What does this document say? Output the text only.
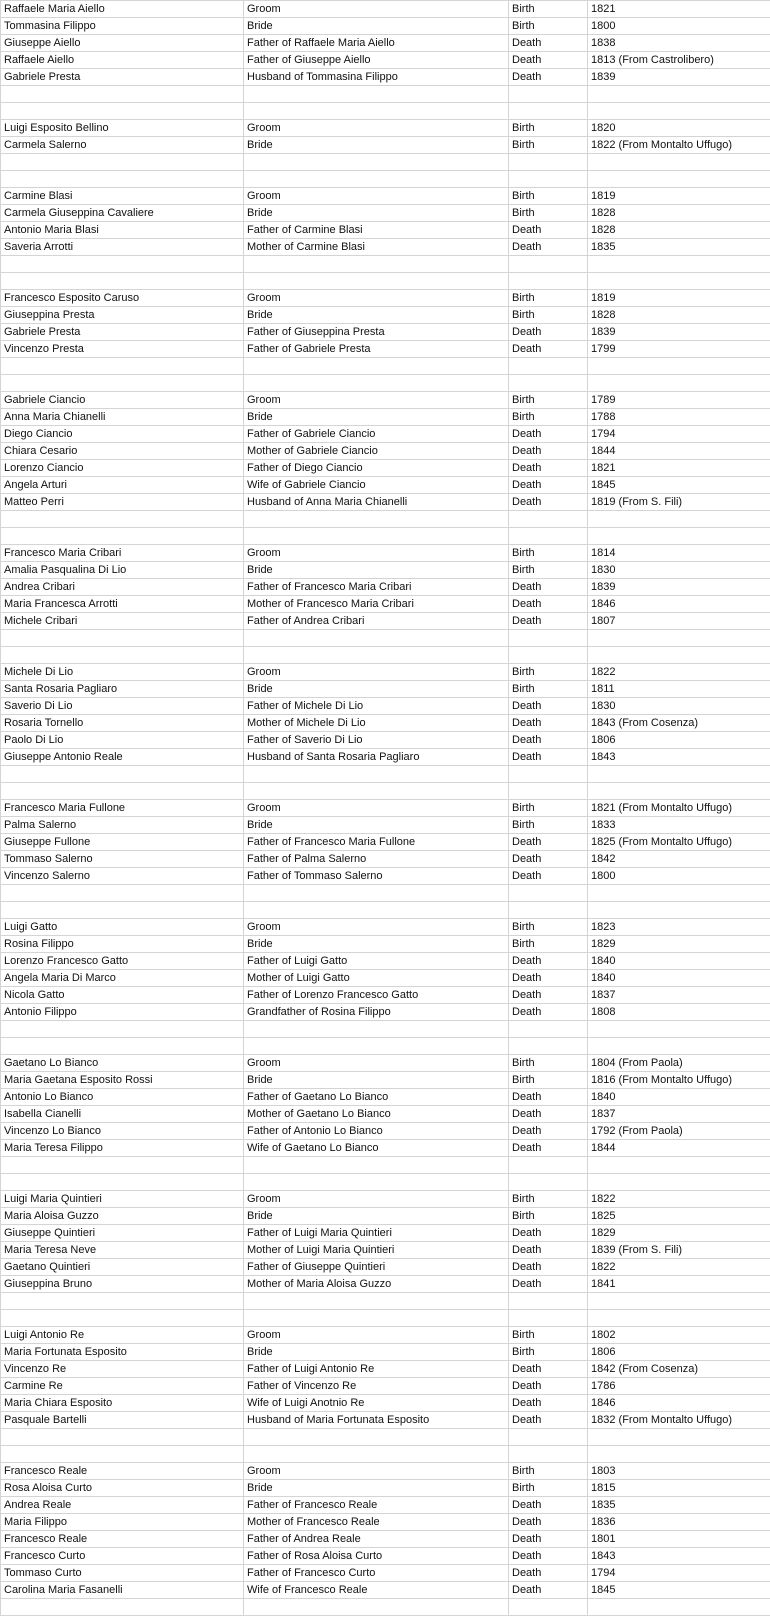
Raffaele Maria Aiello	Groom	Birth	1821
Tommasina Filippo	Bride	Birth	1800
Giuseppe Aiello	Father of Raffaele Maria Aiello	Death	1838
Raffaele Aiello	Father of Giuseppe Aiello	Death	1813 (From Castrolibero)
Gabriele Presta	Husband of Tommasina Filippo	Death	1839

Luigi Esposito Bellino	Groom	Birth	1820
Carmela Salerno	Bride	Birth	1822 (From Montalto Uffugo)

Carmine Blasi	Groom	Birth	1819
Carmela Giuseppina Cavaliere	Bride	Birth	1828
Antonio Maria Blasi	Father of Carmine Blasi	Death	1828
Saveria Arrotti	Mother of Carmine Blasi	Death	1835

Francesco Esposito Caruso	Groom	Birth	1819
Giuseppina Presta	Bride	Birth	1828
Gabriele Presta	Father of Giuseppina Presta	Death	1839
Vincenzo Presta	Father of Gabriele Presta	Death	1799

Gabriele Ciancio	Groom	Birth	1789
Anna Maria Chianelli	Bride	Birth	1788
Diego Ciancio	Father of Gabriele Ciancio	Death	1794
Chiara Cesario	Mother of Gabriele Ciancio	Death	1844
Lorenzo Ciancio	Father of Diego Ciancio	Death	1821
Angela Arturi	Wife of Gabriele Ciancio	Death	1845
Matteo Perri	Husband of Anna Maria Chianelli	Death	1819 (From S. Fili)

Francesco Maria Cribari	Groom	Birth	1814
Amalia Pasqualina Di Lio	Bride	Birth	1830
Andrea Cribari	Father of Francesco Maria Cribari	Death	1839
Maria Francesca Arrotti	Mother of Francesco Maria Cribari	Death	1846
Michele Cribari	Father of Andrea Cribari	Death	1807

Michele Di Lio	Groom	Birth	1822
Santa Rosaria Pagliaro	Bride	Birth	1811
Saverio Di Lio	Father of Michele Di Lio	Death	1830
Rosaria Tornello	Mother of Michele Di Lio	Death	1843 (From Cosenza)
Paolo Di Lio	Father of Saverio Di Lio	Death	1806
Giuseppe Antonio Reale	Husband of Santa Rosaria Pagliaro	Death	1843

Francesco Maria Fullone	Groom	Birth	1821 (From Montalto Uffugo)
Palma Salerno	Bride	Birth	1833
Giuseppe Fullone	Father of Francesco Maria Fullone	Death	1825 (From Montalto Uffugo)
Tommaso Salerno	Father of Palma Salerno	Death	1842
Vincenzo Salerno	Father of Tommaso Salerno	Death	1800

Luigi Gatto	Groom	Birth	1823
Rosina Filippo	Bride	Birth	1829
Lorenzo Francesco Gatto	Father of Luigi Gatto	Death	1840
Angela Maria Di Marco	Mother of Luigi Gatto	Death	1840
Nicola Gatto	Father of Lorenzo Francesco Gatto	Death	1837
Antonio Filippo	Grandfather of Rosina Filippo	Death	1808

Gaetano Lo Bianco	Groom	Birth	1804 (From Paola)
Maria Gaetana Esposito Rossi	Bride	Birth	1816 (From Montalto Uffugo)
Antonio Lo Bianco	Father of Gaetano Lo Bianco	Death	1840
Isabella Cianelli	Mother of Gaetano Lo Bianco	Death	1837
Vincenzo Lo Bianco	Father of Antonio Lo Bianco	Death	1792 (From Paola)
Maria Teresa Filippo	Wife of Gaetano Lo Bianco	Death	1844

Luigi Maria Quintieri	Groom	Birth	1822
Maria Aloisa Guzzo	Bride	Birth	1825
Giuseppe Quintieri	Father of Luigi Maria Quintieri	Death	1829
Maria Teresa Neve	Mother of Luigi Maria Quintieri	Death	1839 (From S. Fili)
Gaetano Quintieri	Father of Giuseppe Quintieri	Death	1822
Giuseppina Bruno	Mother of Maria Aloisa Guzzo	Death	1841

Luigi Antonio Re	Groom	Birth	1802
Maria Fortunata Esposito	Bride	Birth	1806
Vincenzo Re	Father of Luigi Antonio Re	Death	1842 (From Cosenza)
Carmine Re	Father of Vincenzo Re	Death	1786
Maria Chiara Esposito	Wife of Luigi Anotnio Re	Death	1846
Pasquale Bartelli	Husband of Maria Fortunata Esposito	Death	1832 (From Montalto Uffugo)

Francesco Reale	Groom	Birth	1803
Rosa Aloisa Curto	Bride	Birth	1815
Andrea Reale	Father of Francesco Reale	Death	1835
Maria Filippo	Mother of Francesco Reale	Death	1836
Francesco Reale	Father of Andrea Reale	Death	1801
Francesco Curto	Father of Rosa Aloisa Curto	Death	1843
Tommaso Curto	Father of Francesco Curto	Death	1794
Carolina Maria Fasanelli	Wife of Francesco Reale	Death	1845
